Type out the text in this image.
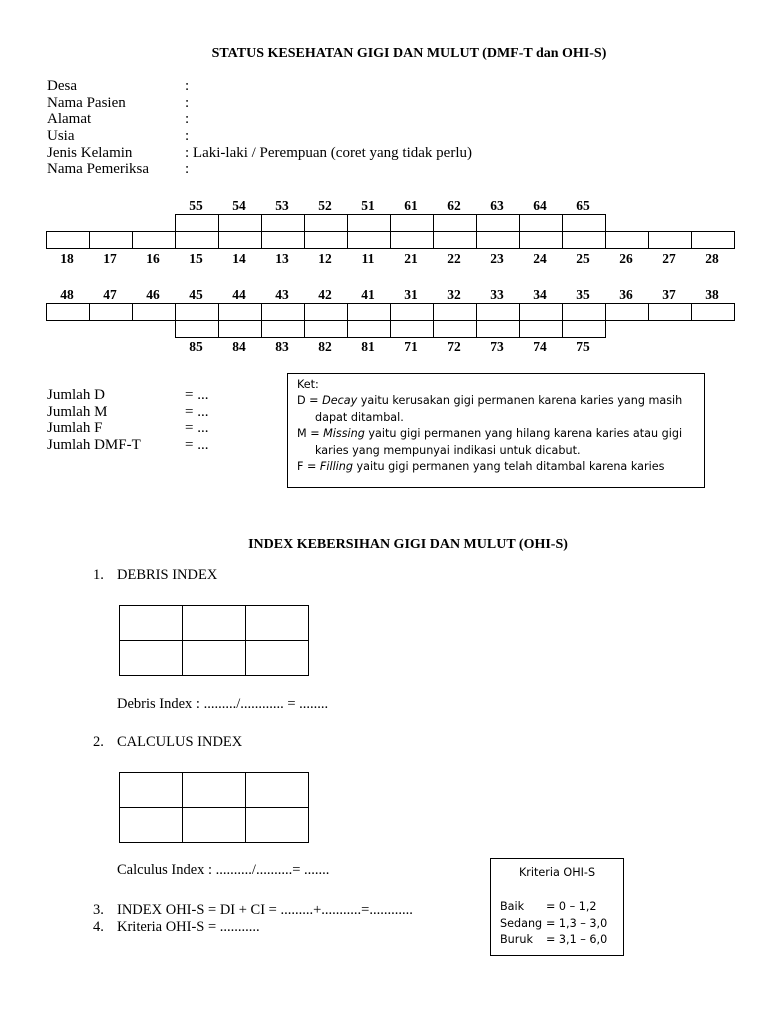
STATUS KESEHATAN GIGI DAN MULUT (DMF-T dan OHI-S)
Desa	:
Nama Pasien	:
Alamat	:
Usia	:
Jenis Kelamin	: Laki-laki / Perempuan (coret yang tidak perlu)
Nama Pemeriksa :
55	54	53	52	51	61	62	63	64	65
18	17	16	15	14	13	12	11	21	22	23	24	25	26	27	28
48	47	46	45	44	43	42	41	31	32	33	34	35	36	37	38
85	84	83	82	81	71	72	73	74	75
Jumlah D	= ...
Jumlah M	= ...
Jumlah F	= ...
Jumlah DMF-T	= ...
Ket:
D = Decay yaitu kerusakan gigi permanen karena karies yang masih
dapat ditambal.
M = Missing yaitu gigi permanen yang hilang karena karies atau gigi
karies yang mempunyai indikasi untuk dicabut.
F = Filling yaitu gigi permanen yang telah ditambal karena karies
INDEX KEBERSIHAN GIGI DAN MULUT (OHI-S)
1. DEBRIS INDEX

Debris Index : ........./............ = ........
2. CALCULUS INDEX

Calculus Index : ........../..........= .......
3. INDEX OHI-S = DI + CI = .........+...........=............
4. Kriteria OHI-S = ...........
Kriteria OHI-S
Baik = 0 – 1,2
Sedang = 1,3 – 3,0
Buruk = 3,1 – 6,0
